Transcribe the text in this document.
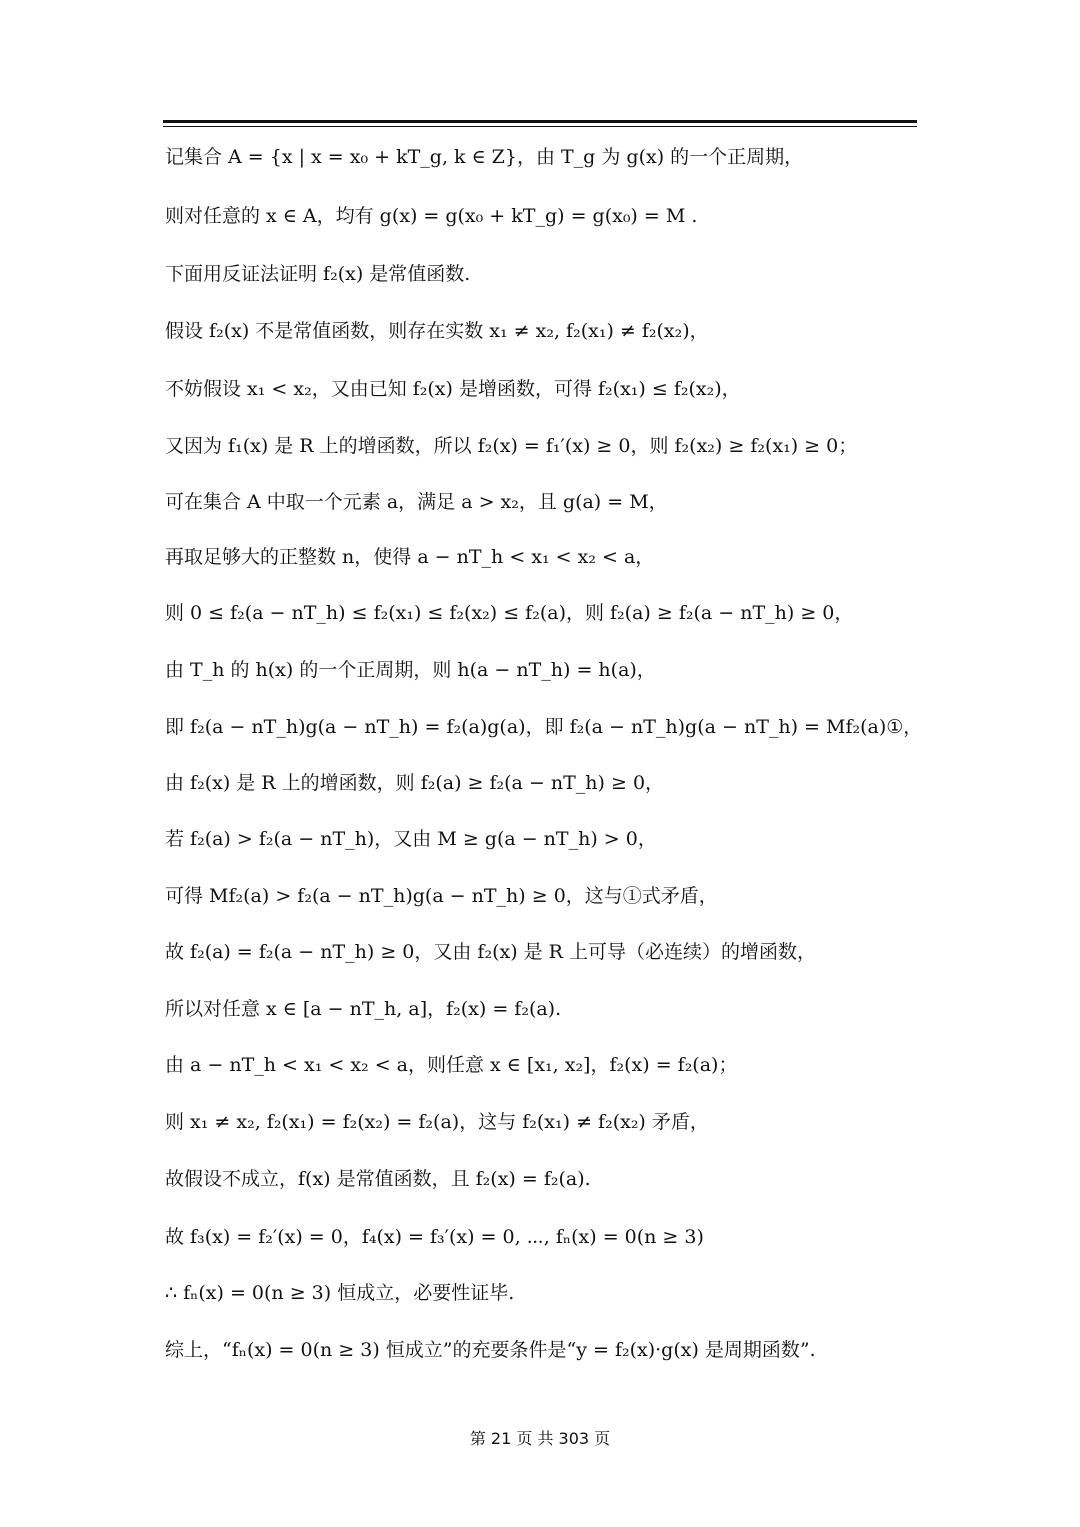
记集合 A = {x | x = x₀ + kT_g, k ∈ Z}，由 T_g 为 g(x) 的一个正周期，
则对任意的 x ∈ A，均有 g(x) = g(x₀ + kT_g) = g(x₀) = M .
下面用反证法证明 f₂(x) 是常值函数.
假设 f₂(x) 不是常值函数，则存在实数 x₁ ≠ x₂, f₂(x₁) ≠ f₂(x₂)，
不妨假设 x₁ < x₂，又由已知 f₂(x) 是增函数，可得 f₂(x₁) ≤ f₂(x₂)，
又因为 f₁(x) 是 R 上的增函数，所以 f₂(x) = f₁′(x) ≥ 0，则 f₂(x₂) ≥ f₂(x₁) ≥ 0；
可在集合 A 中取一个元素 a，满足 a > x₂，且 g(a) = M，
再取足够大的正整数 n，使得 a − nT_h < x₁ < x₂ < a，
则 0 ≤ f₂(a − nT_h) ≤ f₂(x₁) ≤ f₂(x₂) ≤ f₂(a)，则 f₂(a) ≥ f₂(a − nT_h) ≥ 0，
由 T_h 的 h(x) 的一个正周期，则 h(a − nT_h) = h(a)，
即 f₂(a − nT_h)g(a − nT_h) = f₂(a)g(a)，即 f₂(a − nT_h)g(a − nT_h) = Mf₂(a)①，
由 f₂(x) 是 R 上的增函数，则 f₂(a) ≥ f₂(a − nT_h) ≥ 0，
若 f₂(a) > f₂(a − nT_h)，又由 M ≥ g(a − nT_h) > 0，
可得 Mf₂(a) > f₂(a − nT_h)g(a − nT_h) ≥ 0，这与①式矛盾，
故 f₂(a) = f₂(a − nT_h) ≥ 0，又由 f₂(x) 是 R 上可导（必连续）的增函数，
所以对任意 x ∈ [a − nT_h, a]，f₂(x) = f₂(a).
由 a − nT_h < x₁ < x₂ < a，则任意 x ∈ [x₁, x₂]，f₂(x) = f₂(a)；
则 x₁ ≠ x₂, f₂(x₁) = f₂(x₂) = f₂(a)，这与 f₂(x₁) ≠ f₂(x₂) 矛盾，
故假设不成立，f(x) 是常值函数，且 f₂(x) = f₂(a).
故 f₃(x) = f₂′(x) = 0，f₄(x) = f₃′(x) = 0, ⋯, fₙ(x) = 0(n ≥ 3)
∴ fₙ(x) = 0(n ≥ 3) 恒成立，必要性证毕.
综上，“fₙ(x) = 0(n ≥ 3) 恒成立”的充要条件是“y = f₂(x)·g(x) 是周期函数”.
第 21 页 共 303 页
